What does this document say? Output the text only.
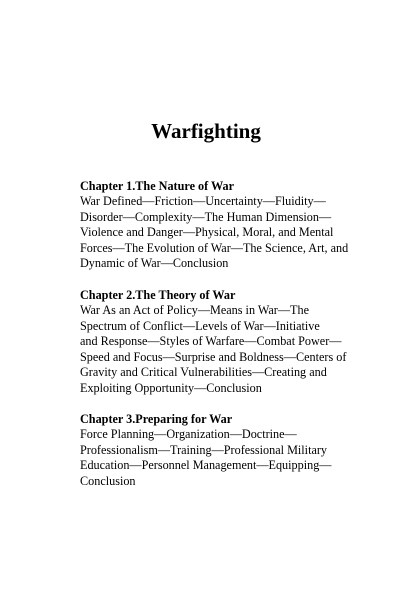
Warfighting

Chapter 1.The Nature of War

War Defined—Friction—Uncertainty—Fluidity—

Disorder—Complexity—The Human Dimension—

Violence and Danger—Physical, Moral, and Mental

Forces—The Evolution of War—The Science, Art, and

Dynamic of War—Conclusion

Chapter 2.The Theory of War

War As an Act of Policy—Means in War—The

Spectrum of Conflict—Levels of War—Initiative

and Response—Styles of Warfare—Combat Power—

Speed and Focus—Surprise and Boldness—Centers of

Gravity and Critical Vulnerabilities—Creating and

Exploiting Opportunity—Conclusion

Chapter 3.Preparing for War

Force Planning—Organization—Doctrine—

Professionalism—Training—Professional Military

Education—Personnel Management—Equipping—

Conclusion
